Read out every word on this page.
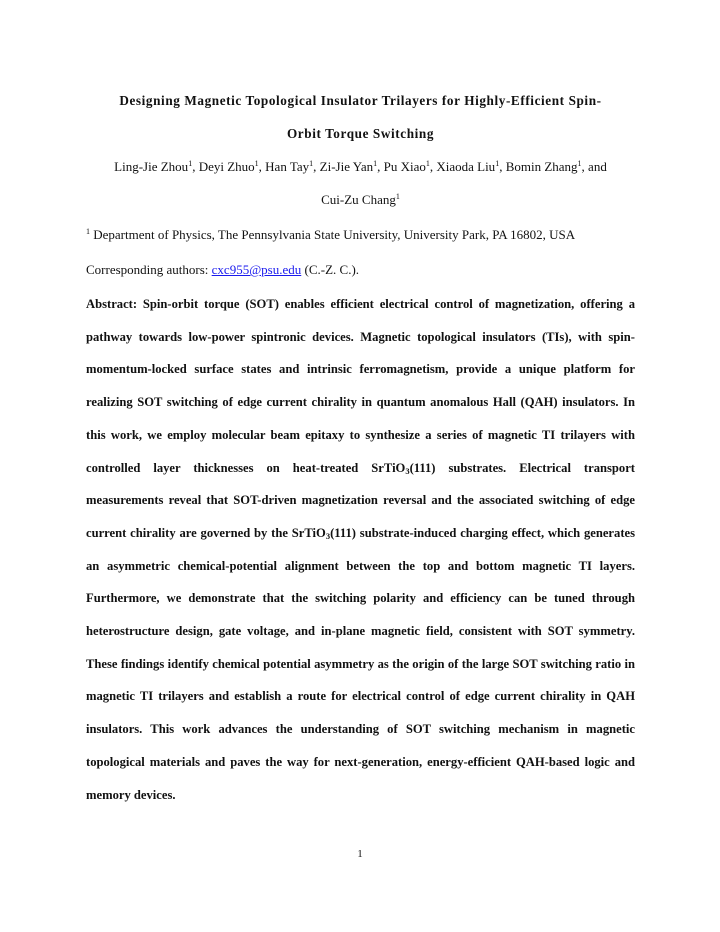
Designing Magnetic Topological Insulator Trilayers for Highly-Efficient Spin-
Orbit Torque Switching

Ling-Jie Zhou$^1$, Deyi Zhuo$^1$, Han Tay$^1$, Zi-Jie Yan$^1$, Pu Xiao$^1$, Xiaoda Liu$^1$, Bomin Zhang$^1$, and
Cui-Zu Chang$^1$

$^1$ Department of Physics, The Pennsylvania State University, University Park, PA 16802, USA

Corresponding authors: cxc955@psu.edu (C.-Z. C.).

Abstract: Spin-orbit torque (SOT) enables efficient electrical control of magnetization, offering a pathway towards low-power spintronic devices. Magnetic topological insulators (TIs), with spin-momentum-locked surface states and intrinsic ferromagnetism, provide a unique platform for realizing SOT switching of edge current chirality in quantum anomalous Hall (QAH) insulators. In this work, we employ molecular beam epitaxy to synthesize a series of magnetic TI trilayers with controlled layer thicknesses on heat-treated SrTiO$_3$(111) substrates. Electrical transport measurements reveal that SOT-driven magnetization reversal and the associated switching of edge current chirality are governed by the SrTiO$_3$(111) substrate-induced charging effect, which generates an asymmetric chemical-potential alignment between the top and bottom magnetic TI layers. Furthermore, we demonstrate that the switching polarity and efficiency can be tuned through heterostructure design, gate voltage, and in-plane magnetic field, consistent with SOT symmetry. These findings identify chemical potential asymmetry as the origin of the large SOT switching ratio in magnetic TI trilayers and establish a route for electrical control of edge current chirality in QAH insulators. This work advances the understanding of SOT switching mechanism in magnetic topological materials and paves the way for next-generation, energy-efficient QAH-based logic and memory devices.

1
